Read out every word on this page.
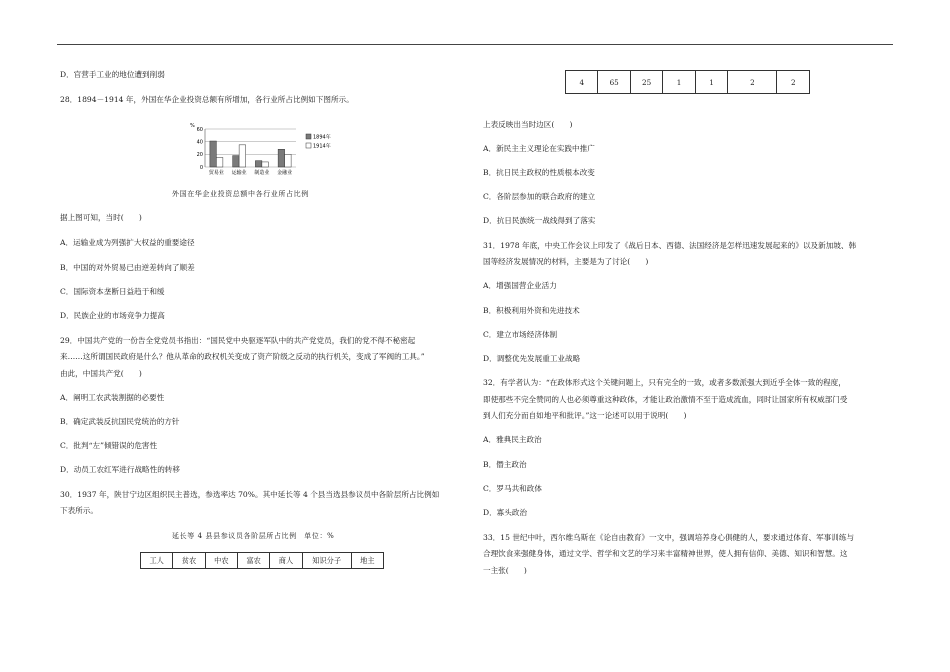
D．官营手工业的地位遭到削弱
28．1894－1914 年，外国在华企业投资总额有所增加，各行业所占比例如下图所示。
%
0
20
40
60
贸易业 运输业 制造业 金融业
1894年
1914年
外国在华企业投资总额中各行业所占比例
据上图可知，当时(　　)
A．运输业成为列强扩大权益的重要途径
B．中国的对外贸易已由逆差转向了顺差
C．国际资本垄断日益趋于和缓
D．民族企业的市场竞争力提高
29．中国共产党的一份告全党党员书指出：“国民党中央驱逐军队中的共产党党员，我们的党不得不秘密起
来……这所谓国民政府是什么？他从革命的政权机关变成了资产阶级之反动的执行机关，变成了军阀的工具。”
由此，中国共产党(　　)
A．阐明工农武装割据的必要性
B．确定武装反抗国民党统治的方针
C．批判“左”倾错误的危害性
D．动员工农红军进行战略性的转移
30．1937 年，陕甘宁边区组织民主普选，参选率达 70%。其中延长等 4 个县当选县参议员中各阶层所占比例如
下表所示。
延长等 4 县县参议员各阶层所占比例　单位：%
工人	贫农	中农	富农	商人	知识分子	地主
4	65	25	1	1	2	2
上表反映出当时边区(　　)
A．新民主主义理论在实践中推广
B．抗日民主政权的性质根本改变
C．各阶层参加的联合政府的建立
D．抗日民族统一战线得到了落实
31．1978 年底，中央工作会议上印发了《战后日本、西德、法国经济是怎样迅速发展起来的》以及新加坡、韩
国等经济发展情况的材料，主要是为了讨论(　　)
A．增强国营企业活力
B．积极利用外资和先进技术
C．建立市场经济体制
D．调整优先发展重工业战略
32．有学者认为：“在政体形式这个关键问题上，只有完全的一致，或者多数派强大到近乎全体一致的程度，
即使那些不完全赞同的人也必须尊重这种政体，才能让政治激情不至于造成流血，同时让国家所有权威部门受
到人们充分而自如地平和批评。”这一论述可以用于说明(　　)
A．雅典民主政治
B．僭主政治
C．罗马共和政体
D．寡头政治
33．15 世纪中叶，西尔维乌斯在《论自由教育》一文中，强调培养身心俱健的人，要求通过体育、军事训练与
合理饮食来强健身体，通过文学、哲学和文艺的学习来丰富精神世界，使人拥有信仰、美德、知识和智慧。这
一主张(　　)
